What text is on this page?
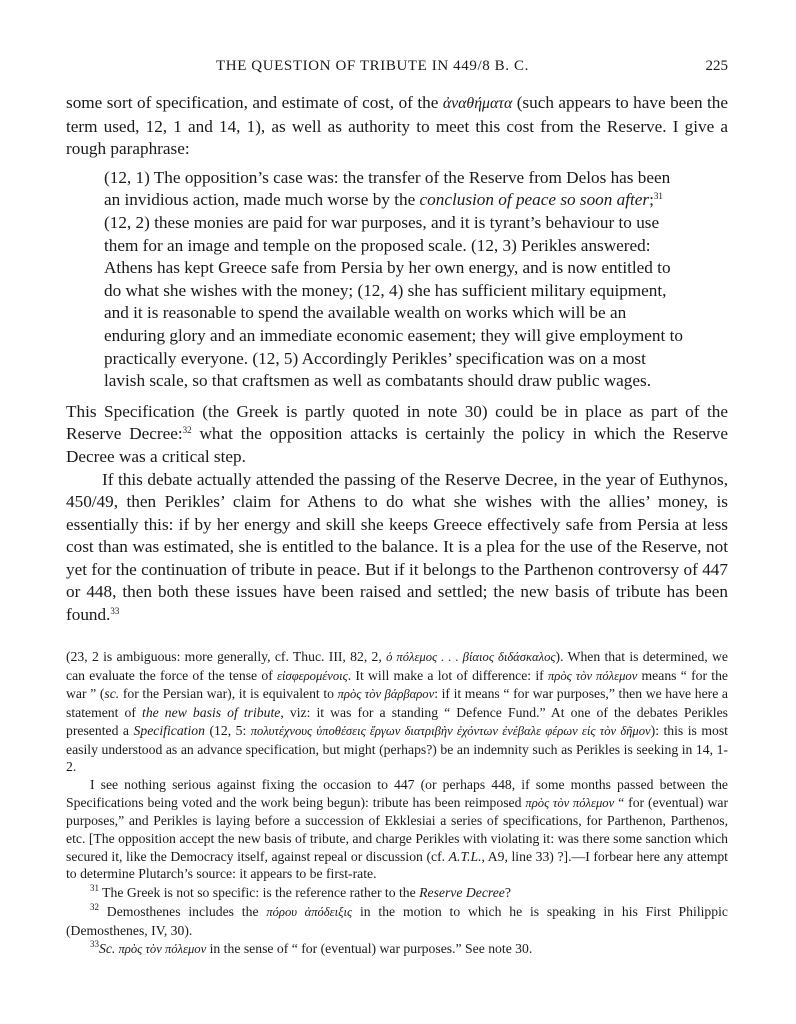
THE QUESTION OF TRIBUTE IN 449/8 B. C.	225

some sort of specification, and estimate of cost, of the ἀναθήματα (such appears to have been the term used, 12, 1 and 14, 1), as well as authority to meet this cost from the Reserve. I give a rough paraphrase:

(12, 1) The opposition’s case was: the transfer of the Reserve from Delos has been an invidious action, made much worse by the conclusion of peace so soon after;$^{31}$ (12, 2) these monies are paid for war purposes, and it is tyrant’s behaviour to use them for an image and temple on the proposed scale. (12, 3) Perikles answered: Athens has kept Greece safe from Persia by her own energy, and is now entitled to do what she wishes with the money; (12, 4) she has sufficient military equipment, and it is reasonable to spend the available wealth on works which will be an enduring glory and an immediate economic easement; they will give employment to practically everyone. (12, 5) Accordingly Perikles’ specification was on a most lavish scale, so that craftsmen as well as combatants should draw public wages.

This Specification (the Greek is partly quoted in note 30) could be in place as part of the Reserve Decree:$^{32}$ what the opposition attacks is certainly the policy in which the Reserve Decree was a critical step.

If this debate actually attended the passing of the Reserve Decree, in the year of Euthynos, 450/49, then Perikles’ claim for Athens to do what she wishes with the allies’ money, is essentially this: if by her energy and skill she keeps Greece effectively safe from Persia at less cost than was estimated, she is entitled to the balance. It is a plea for the use of the Reserve, not yet for the continuation of tribute in peace. But if it belongs to the Parthenon controversy of 447 or 448, then both these issues have been raised and settled; the new basis of tribute has been found.$^{33}$

(23, 2 is ambiguous: more generally, cf. Thuc. III, 82, 2, ὁ πόλεμος . . . βίαιος διδάσκαλος). When that is determined, we can evaluate the force of the tense of εἰσφερομένοις. It will make a lot of difference: if πρὸς τὸν πόλεμον means “ for the war ” (sc. for the Persian war), it is equivalent to πρὸς τὸν βάρβαρον: if it means “ for war purposes,” then we have here a statement of the new basis of tribute, viz: it was for a standing “ Defence Fund.” At one of the debates Perikles presented a Specification (12, 5: πολυτέχνους ὑποθέσεις ἔργων διατριβὴν ἐχόντων ἐνέβαλε φέρων εἰς τὸν δῆμον): this is most easily understood as an advance specification, but might (perhaps?) be an indemnity such as Perikles is seeking in 14, 1-2.

I see nothing serious against fixing the occasion to 447 (or perhaps 448, if some months passed between the Specifications being voted and the work being begun): tribute has been reimposed πρὸς τὸν πόλεμον “ for (eventual) war purposes,” and Perikles is laying before a succession of Ekklesiai a series of specifications, for Parthenon, Parthenos, etc. [The opposition accept the new basis of tribute, and charge Perikles with violating it: was there some sanction which secured it, like the Democracy itself, against repeal or discussion (cf. A.T.L., A9, line 33) ?].—I forbear here any attempt to determine Plutarch’s source: it appears to be first-rate.

$^{31}$ The Greek is not so specific: is the reference rather to the Reserve Decree?

$^{32}$ Demosthenes includes the πόρου ἀπόδειξις in the motion to which he is speaking in his First Philippic (Demosthenes, IV, 30).

$^{33}$Sc. πρὸς τὸν πόλεμον in the sense of “ for (eventual) war purposes.” See note 30.
